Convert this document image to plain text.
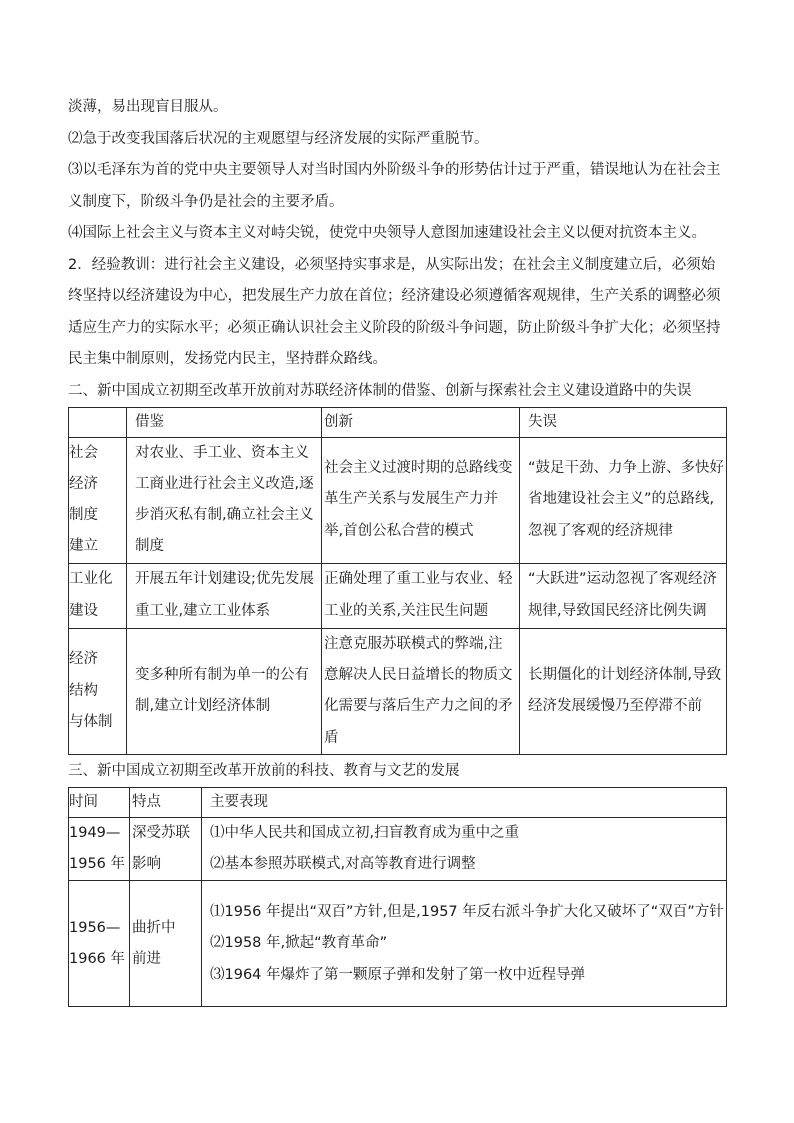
淡薄，易出现盲目服从。

⑵急于改变我国落后状况的主观愿望与经济发展的实际严重脱节。

⑶以毛泽东为首的党中央主要领导人对当时国内外阶级斗争的形势估计过于严重，错误地认为在社会主义制度下，阶级斗争仍是社会的主要矛盾。

⑷国际上社会主义与资本主义对峙尖锐，使党中央领导人意图加速建设社会主义以便对抗资本主义。

2．经验教训：进行社会主义建设，必须坚持实事求是，从实际出发；在社会主义制度建立后，必须始终坚持以经济建设为中心，把发展生产力放在首位；经济建设必须遵循客观规律，生产关系的调整必须适应生产力的实际水平；必须正确认识社会主义阶段的阶级斗争问题，防止阶级斗争扩大化；必须坚持民主集中制原则，发扬党内民主，坚持群众路线。

二、新中国成立初期至改革开放前对苏联经济体制的借鉴、创新与探索社会主义建设道路中的失误

	借鉴	创新	失误

社会
经济
制度
建立	对农业、手工业、资本主义工商业进行社会主义改造,逐步消灭私有制,确立社会主义制度	社会主义过渡时期的总路线变革生产关系与发展生产力并举,首创公私合营的模式	“鼓足干劲、力争上游、多快好省地建设社会主义”的总路线,忽视了客观的经济规律

工业化
建设	开展五年计划建设;优先发展重工业,建立工业体系	正确处理了重工业与农业、轻工业的关系,关注民生问题	“大跃进”运动忽视了客观经济规律,导致国民经济比例失调

经济
结构
与体制	变多种所有制为单一的公有制,建立计划经济体制	注意克服苏联模式的弊端,注意解决人民日益增长的物质文化需要与落后生产力之间的矛盾	长期僵化的计划经济体制,导致经济发展缓慢乃至停滞不前

三、新中国成立初期至改革开放前的科技、教育与文艺的发展

时间	特点	主要表现

1949—
1956 年	深受苏联
影响	⑴中华人民共和国成立初,扫盲教育成为重中之重
⑵基本参照苏联模式,对高等教育进行调整

1956—
1966 年	曲折中
前进	⑴1956 年提出“双百”方针,但是,1957 年反右派斗争扩大化又破坏了“双百”方针
⑵1958 年,掀起“教育革命”
⑶1964 年爆炸了第一颗原子弹和发射了第一枚中近程导弹
